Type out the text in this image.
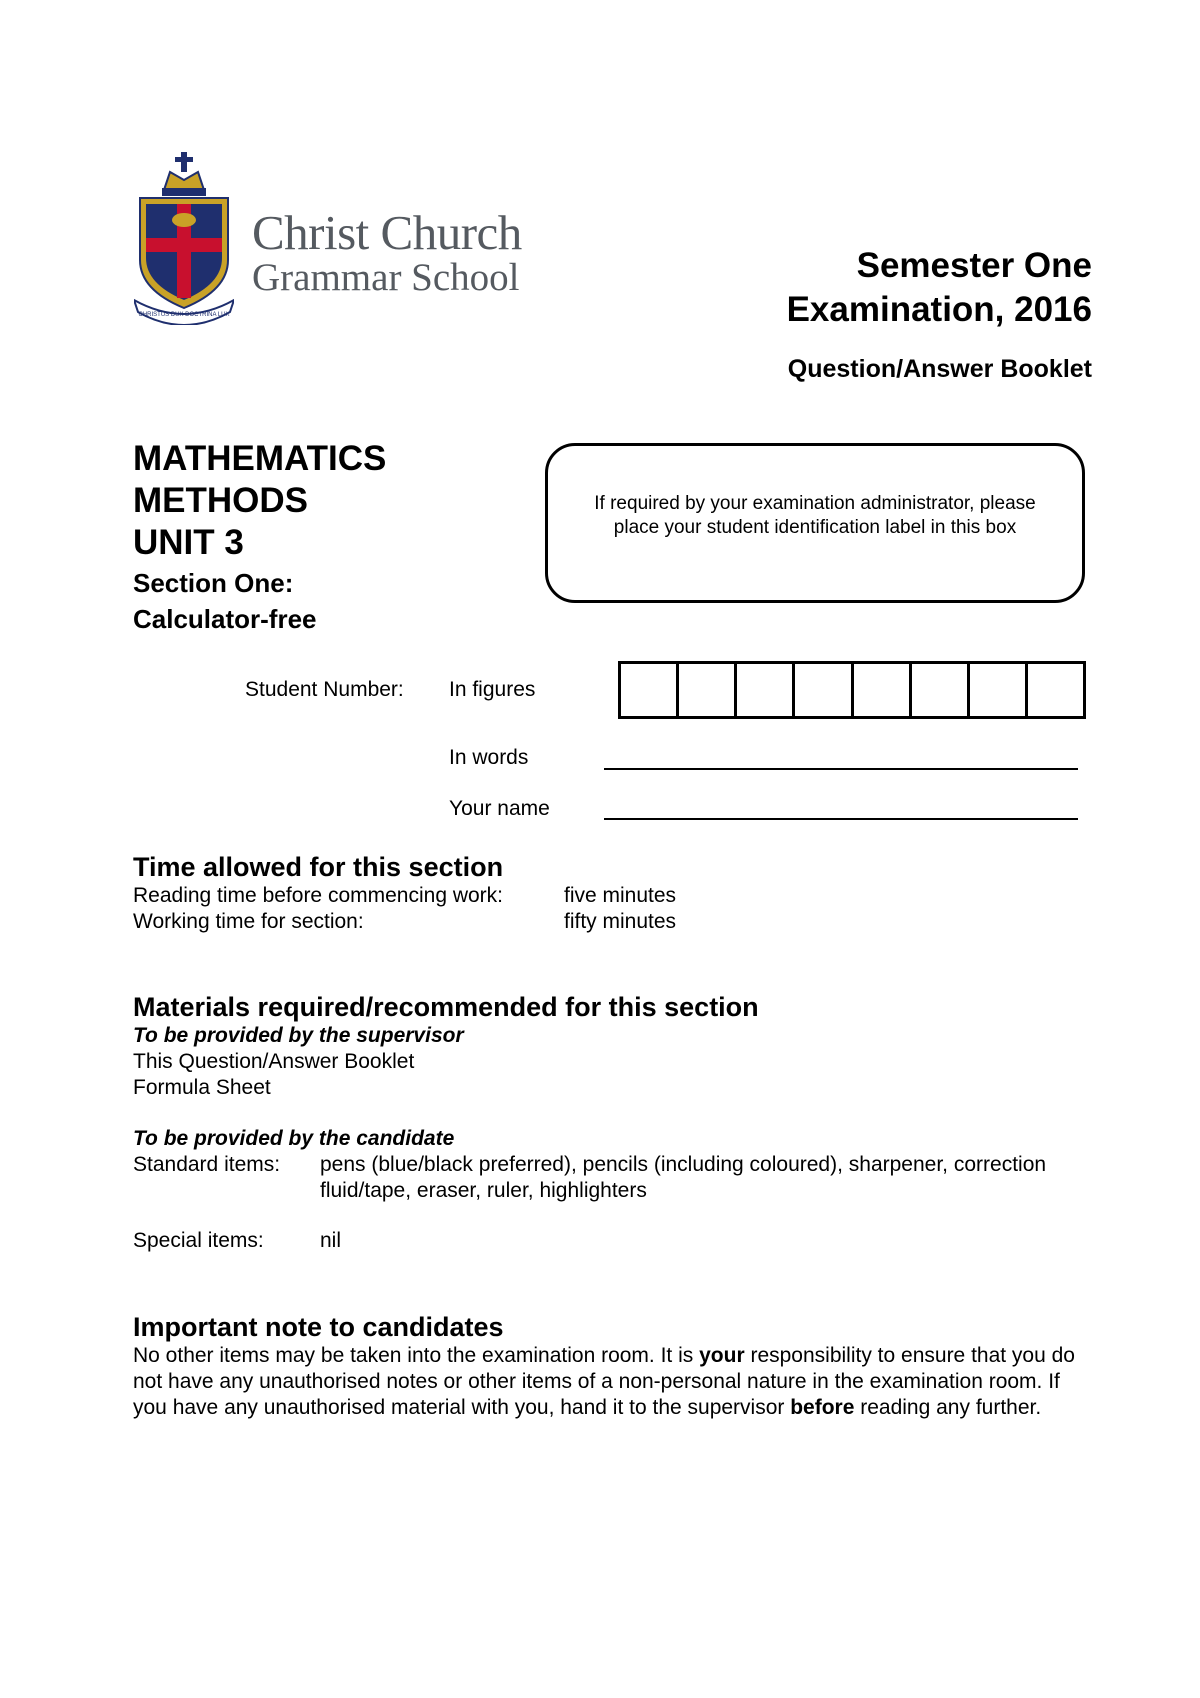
CHRISTUS DUX DOCTRINA LUX
Christ Church
Grammar School	Semester One
Examination, 2016
Question/Answer Booklet
MATHEMATICS
METHODS
UNIT 3
Section One:
Calculator-free
If required by your examination administrator, please place your student identification label in this box
Student Number: In figures
In words
Your name
Time allowed for this section
Reading time before commencing work:	five minutes
Working time for section:	fifty minutes
Materials required/recommended for this section
To be provided by the supervisor
This Question/Answer Booklet
Formula Sheet
To be provided by the candidate
Standard items: pens (blue/black preferred), pencils (including coloured), sharpener, correction fluid/tape, eraser, ruler, highlighters
Special items:	nil
Important note to candidates
No other items may be taken into the examination room. It is your responsibility to ensure that you do not have any unauthorised notes or other items of a non-personal nature in the examination room. If you have any unauthorised material with you, hand it to the supervisor before reading any further.
